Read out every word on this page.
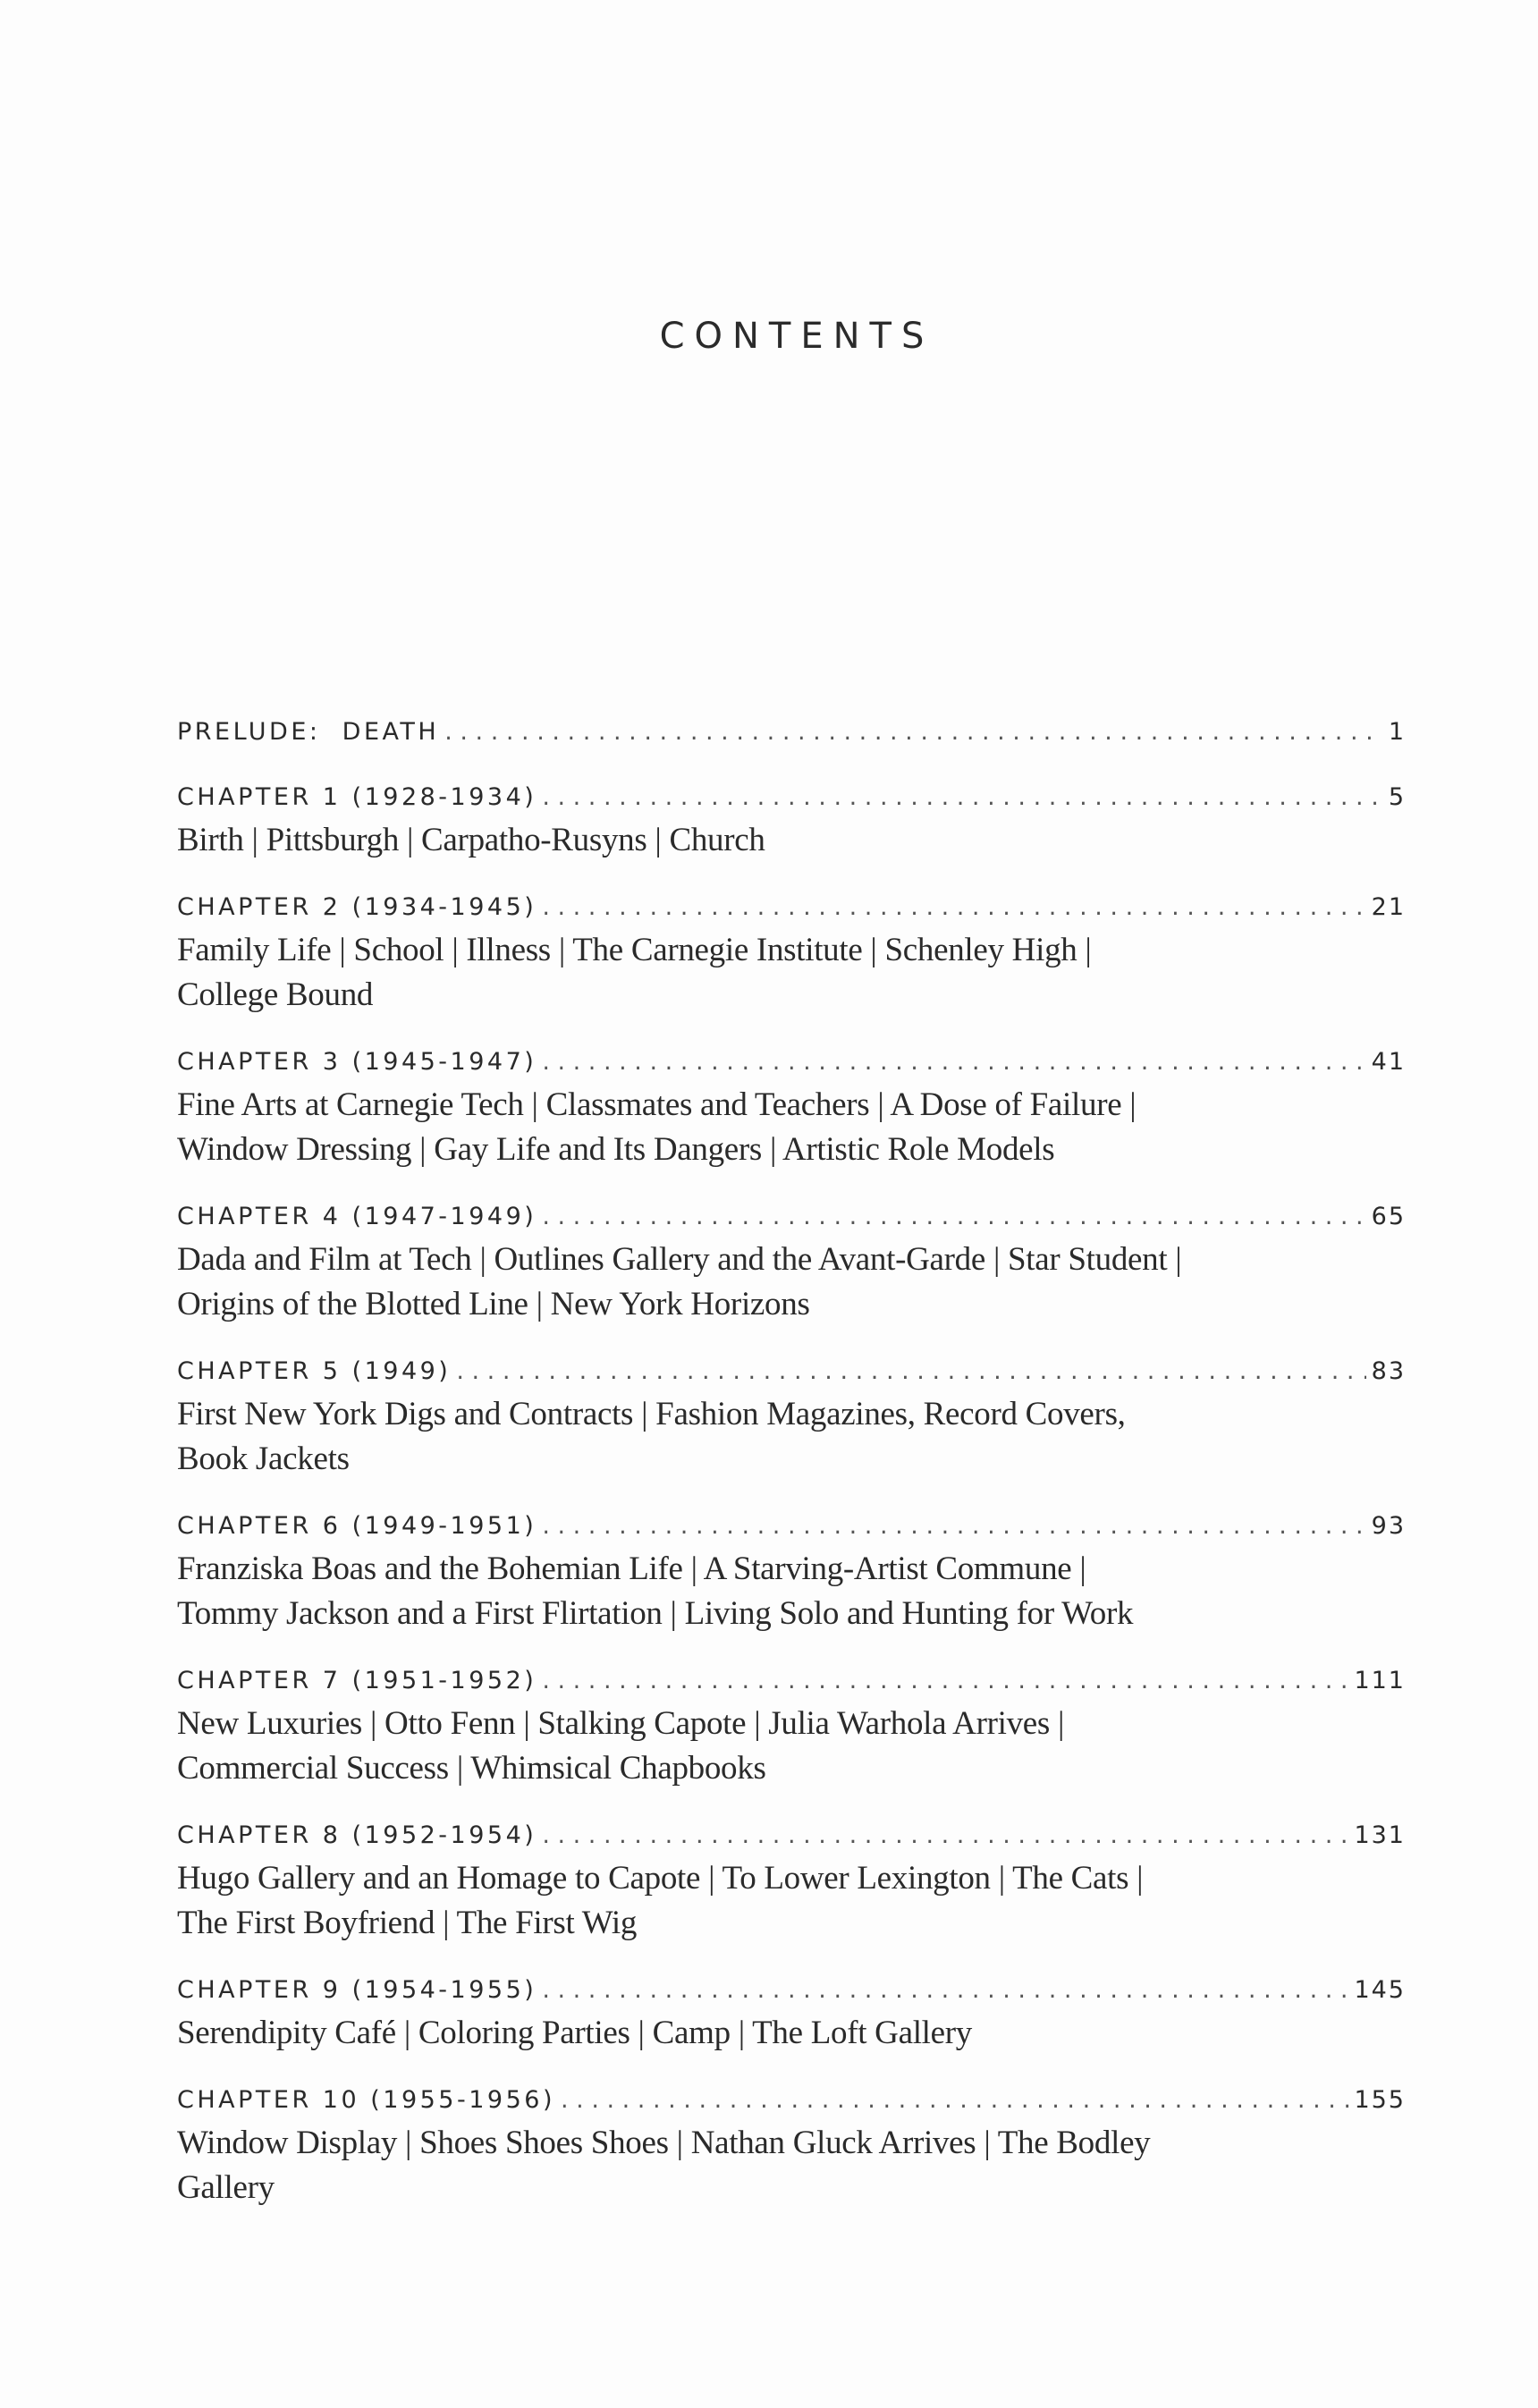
CONTENTS
PRELUDE:  DEATH . . .	1
CHAPTER 1 (1928-1934) . . .	5
Birth | Pittsburgh | Carpatho-Rusyns | Church
CHAPTER 2 (1934-1945) . . .	21
Family Life | School | Illness | The Carnegie Institute | Schenley High |
College Bound
CHAPTER 3 (1945-1947) . . .	41
Fine Arts at Carnegie Tech | Classmates and Teachers | A Dose of Failure |
Window Dressing | Gay Life and Its Dangers | Artistic Role Models
CHAPTER 4 (1947-1949) . . .	65
Dada and Film at Tech | Outlines Gallery and the Avant-Garde | Star Student |
Origins of the Blotted Line | New York Horizons
CHAPTER 5 (1949) . . .	83
First New York Digs and Contracts | Fashion Magazines, Record Covers,
Book Jackets
CHAPTER 6 (1949-1951) . . .	93
Franziska Boas and the Bohemian Life | A Starving-Artist Commune |
Tommy Jackson and a First Flirtation | Living Solo and Hunting for Work
CHAPTER 7 (1951-1952) . . .	111
New Luxuries | Otto Fenn | Stalking Capote | Julia Warhola Arrives |
Commercial Success | Whimsical Chapbooks
CHAPTER 8 (1952-1954) . . .	131
Hugo Gallery and an Homage to Capote | To Lower Lexington | The Cats |
The First Boyfriend | The First Wig
CHAPTER 9 (1954-1955) . . .	145
Serendipity Café | Coloring Parties | Camp | The Loft Gallery
CHAPTER 10 (1955-1956) . . .	155
Window Display | Shoes Shoes Shoes | Nathan Gluck Arrives | The Bodley
Gallery
